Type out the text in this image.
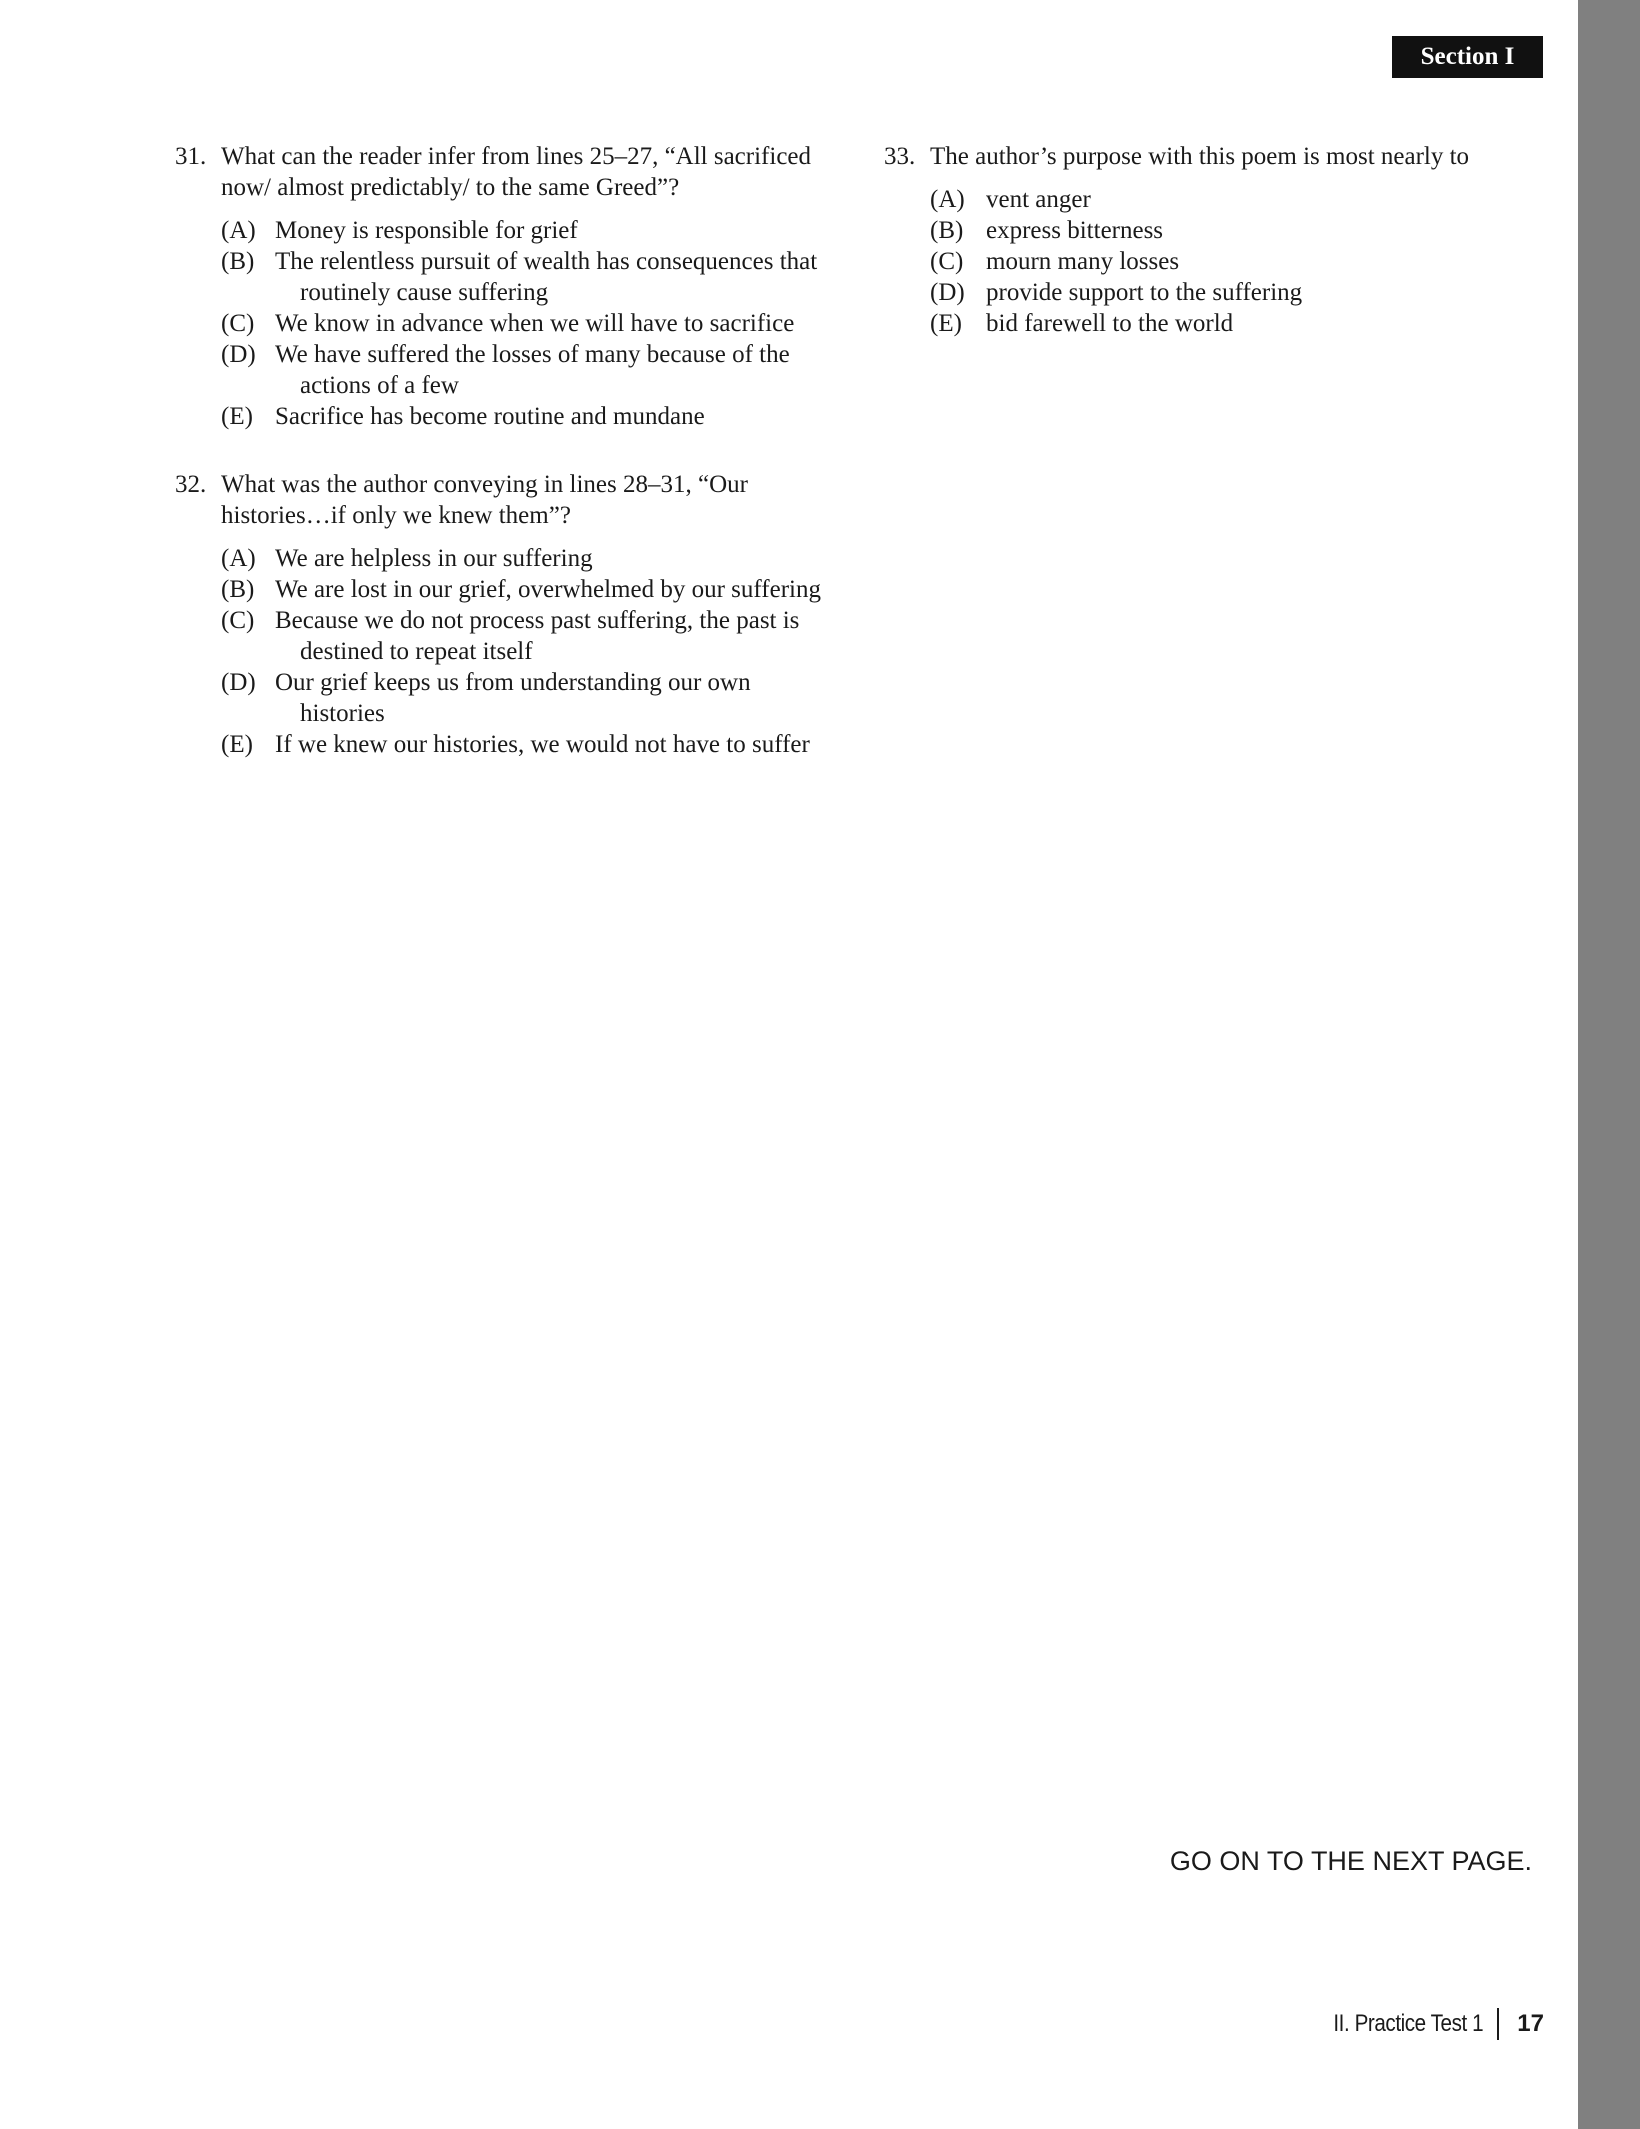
Section I
31. What can the reader infer from lines 25–27, “All sacrificed now/ almost predictably/ to the same Greed”?
(A) Money is responsible for grief
(B) The relentless pursuit of wealth has consequences that routinely cause suffering
(C) We know in advance when we will have to sacrifice
(D) We have suffered the losses of many because of the actions of a few
(E) Sacrifice has become routine and mundane
32. What was the author conveying in lines 28–31, “Our histories…if only we knew them”?
(A) We are helpless in our suffering
(B) We are lost in our grief, overwhelmed by our suffering
(C) Because we do not process past suffering, the past is destined to repeat itself
(D) Our grief keeps us from understanding our own histories
(E) If we knew our histories, we would not have to suffer
33. The author’s purpose with this poem is most nearly to
(A) vent anger
(B) express bitterness
(C) mourn many losses
(D) provide support to the suffering
(E) bid farewell to the world
GO ON TO THE NEXT PAGE.
II. Practice Test 1 17
